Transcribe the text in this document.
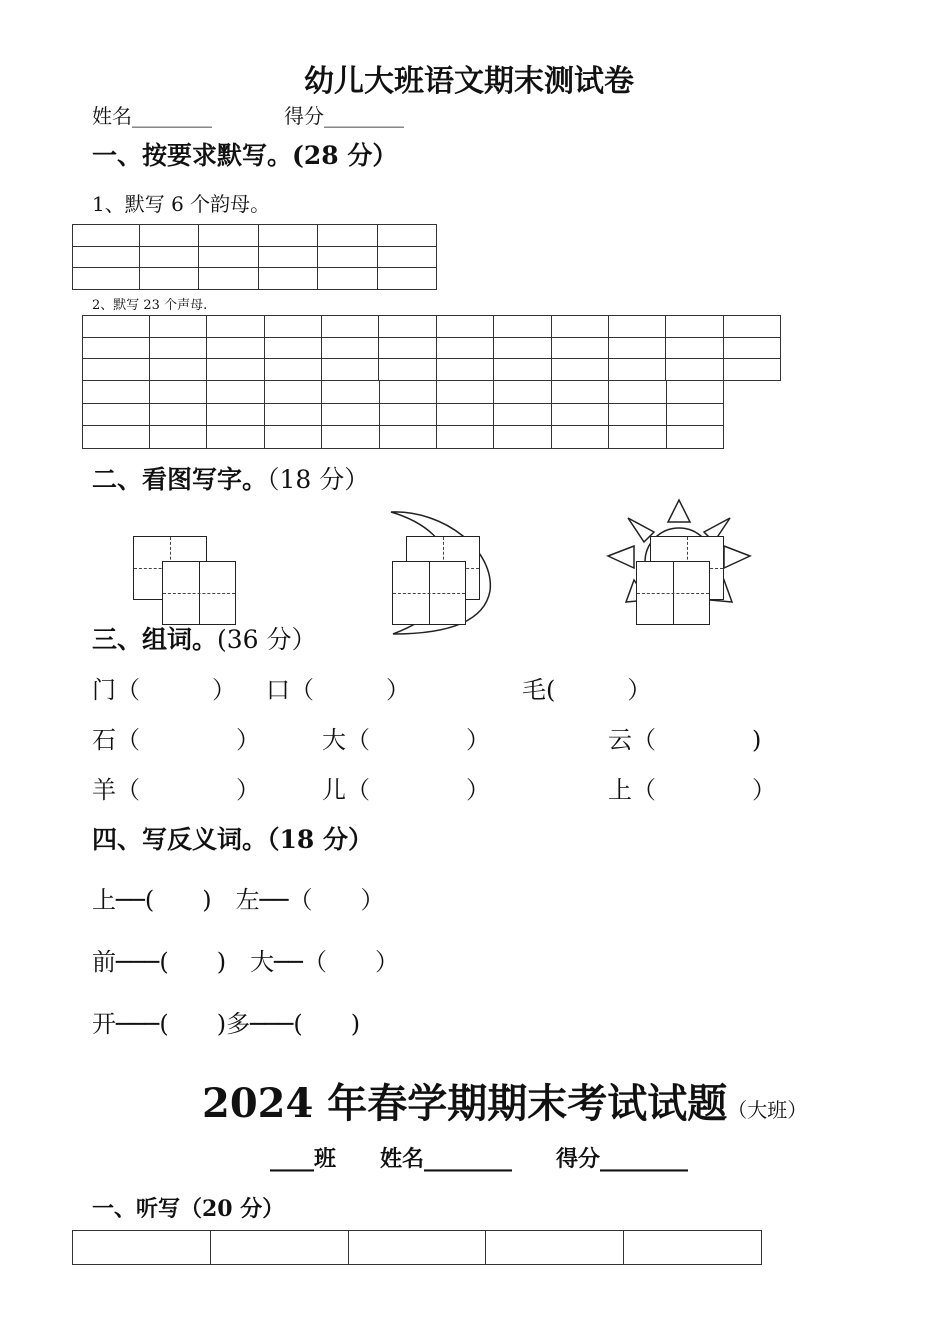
幼儿大班语文期末测试卷
姓名________	得分________
一、按要求默写。(28 分）
1、默写 6 个韵母。

2、默写 23 个声母.

二、看图写字。（18 分）
三、组词。(36 分）
门（　　　） 口（　　　）	毛(　　　）
石（　　　　）	大（　　　　）	云（　　　　)
羊（　　　　）	儿（　　　　）	上（　　　　）
四、写反义词。（18 分）
上──(　　)　左──（　　）
前───(　　)　大──（　　）
开───(　　)多───(　　)
2024 年春学期期末考试试题（大班）
____班　　姓名________　　得分________
一、听写（20 分）
